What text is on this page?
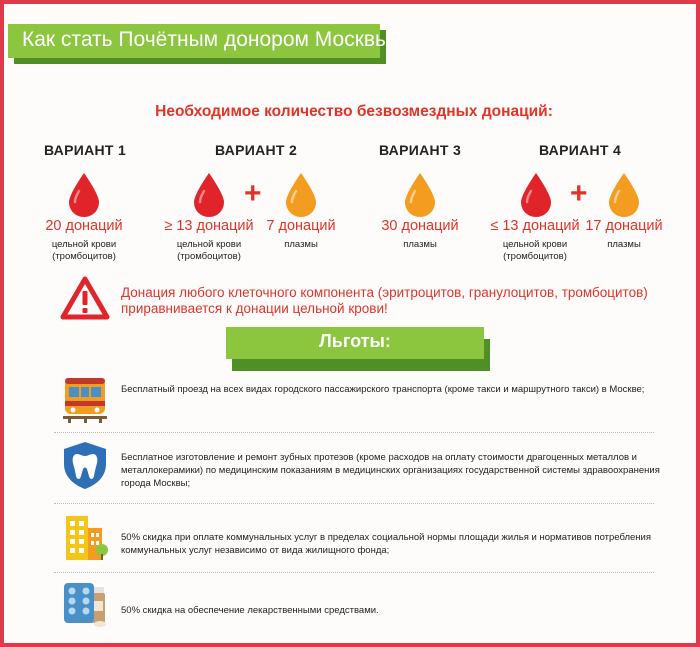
Как стать Почётным донором Москвы?
Необходимое количество безвозмездных донаций:
ВАРИАНТ 1
20 донаций
цельной крови (тромбоцитов)
ВАРИАНТ 2
+
≥ 13 донаций
цельной крови (тромбоцитов)
7 донаций
плазмы
ВАРИАНТ 3
30 донаций
плазмы
ВАРИАНТ 4
+
≤ 13 донаций
цельной крови (тромбоцитов)
17 донаций
плазмы
Донация любого клеточного компонента (эритроцитов, гранулоцитов, тромбоцитов) приравнивается к донации цельной крови!
Льготы:
Бесплатный проезд на всех видах городского пассажирского транспорта (кроме такси и маршрутного такси) в Москве;
Бесплатное изготовление и ремонт зубных протезов (кроме расходов на оплату стоимости драгоценных металлов и металлокерамики) по медицинским показаниям в медицинских организациях государственной системы здравоохранения города Москвы;
50% скидка при оплате коммунальных услуг в пределах социальной нормы площади жилья и нормативов потребления коммунальных услуг независимо от вида жилищного фонда;
50% скидка на обеспечение лекарственными средствами.
